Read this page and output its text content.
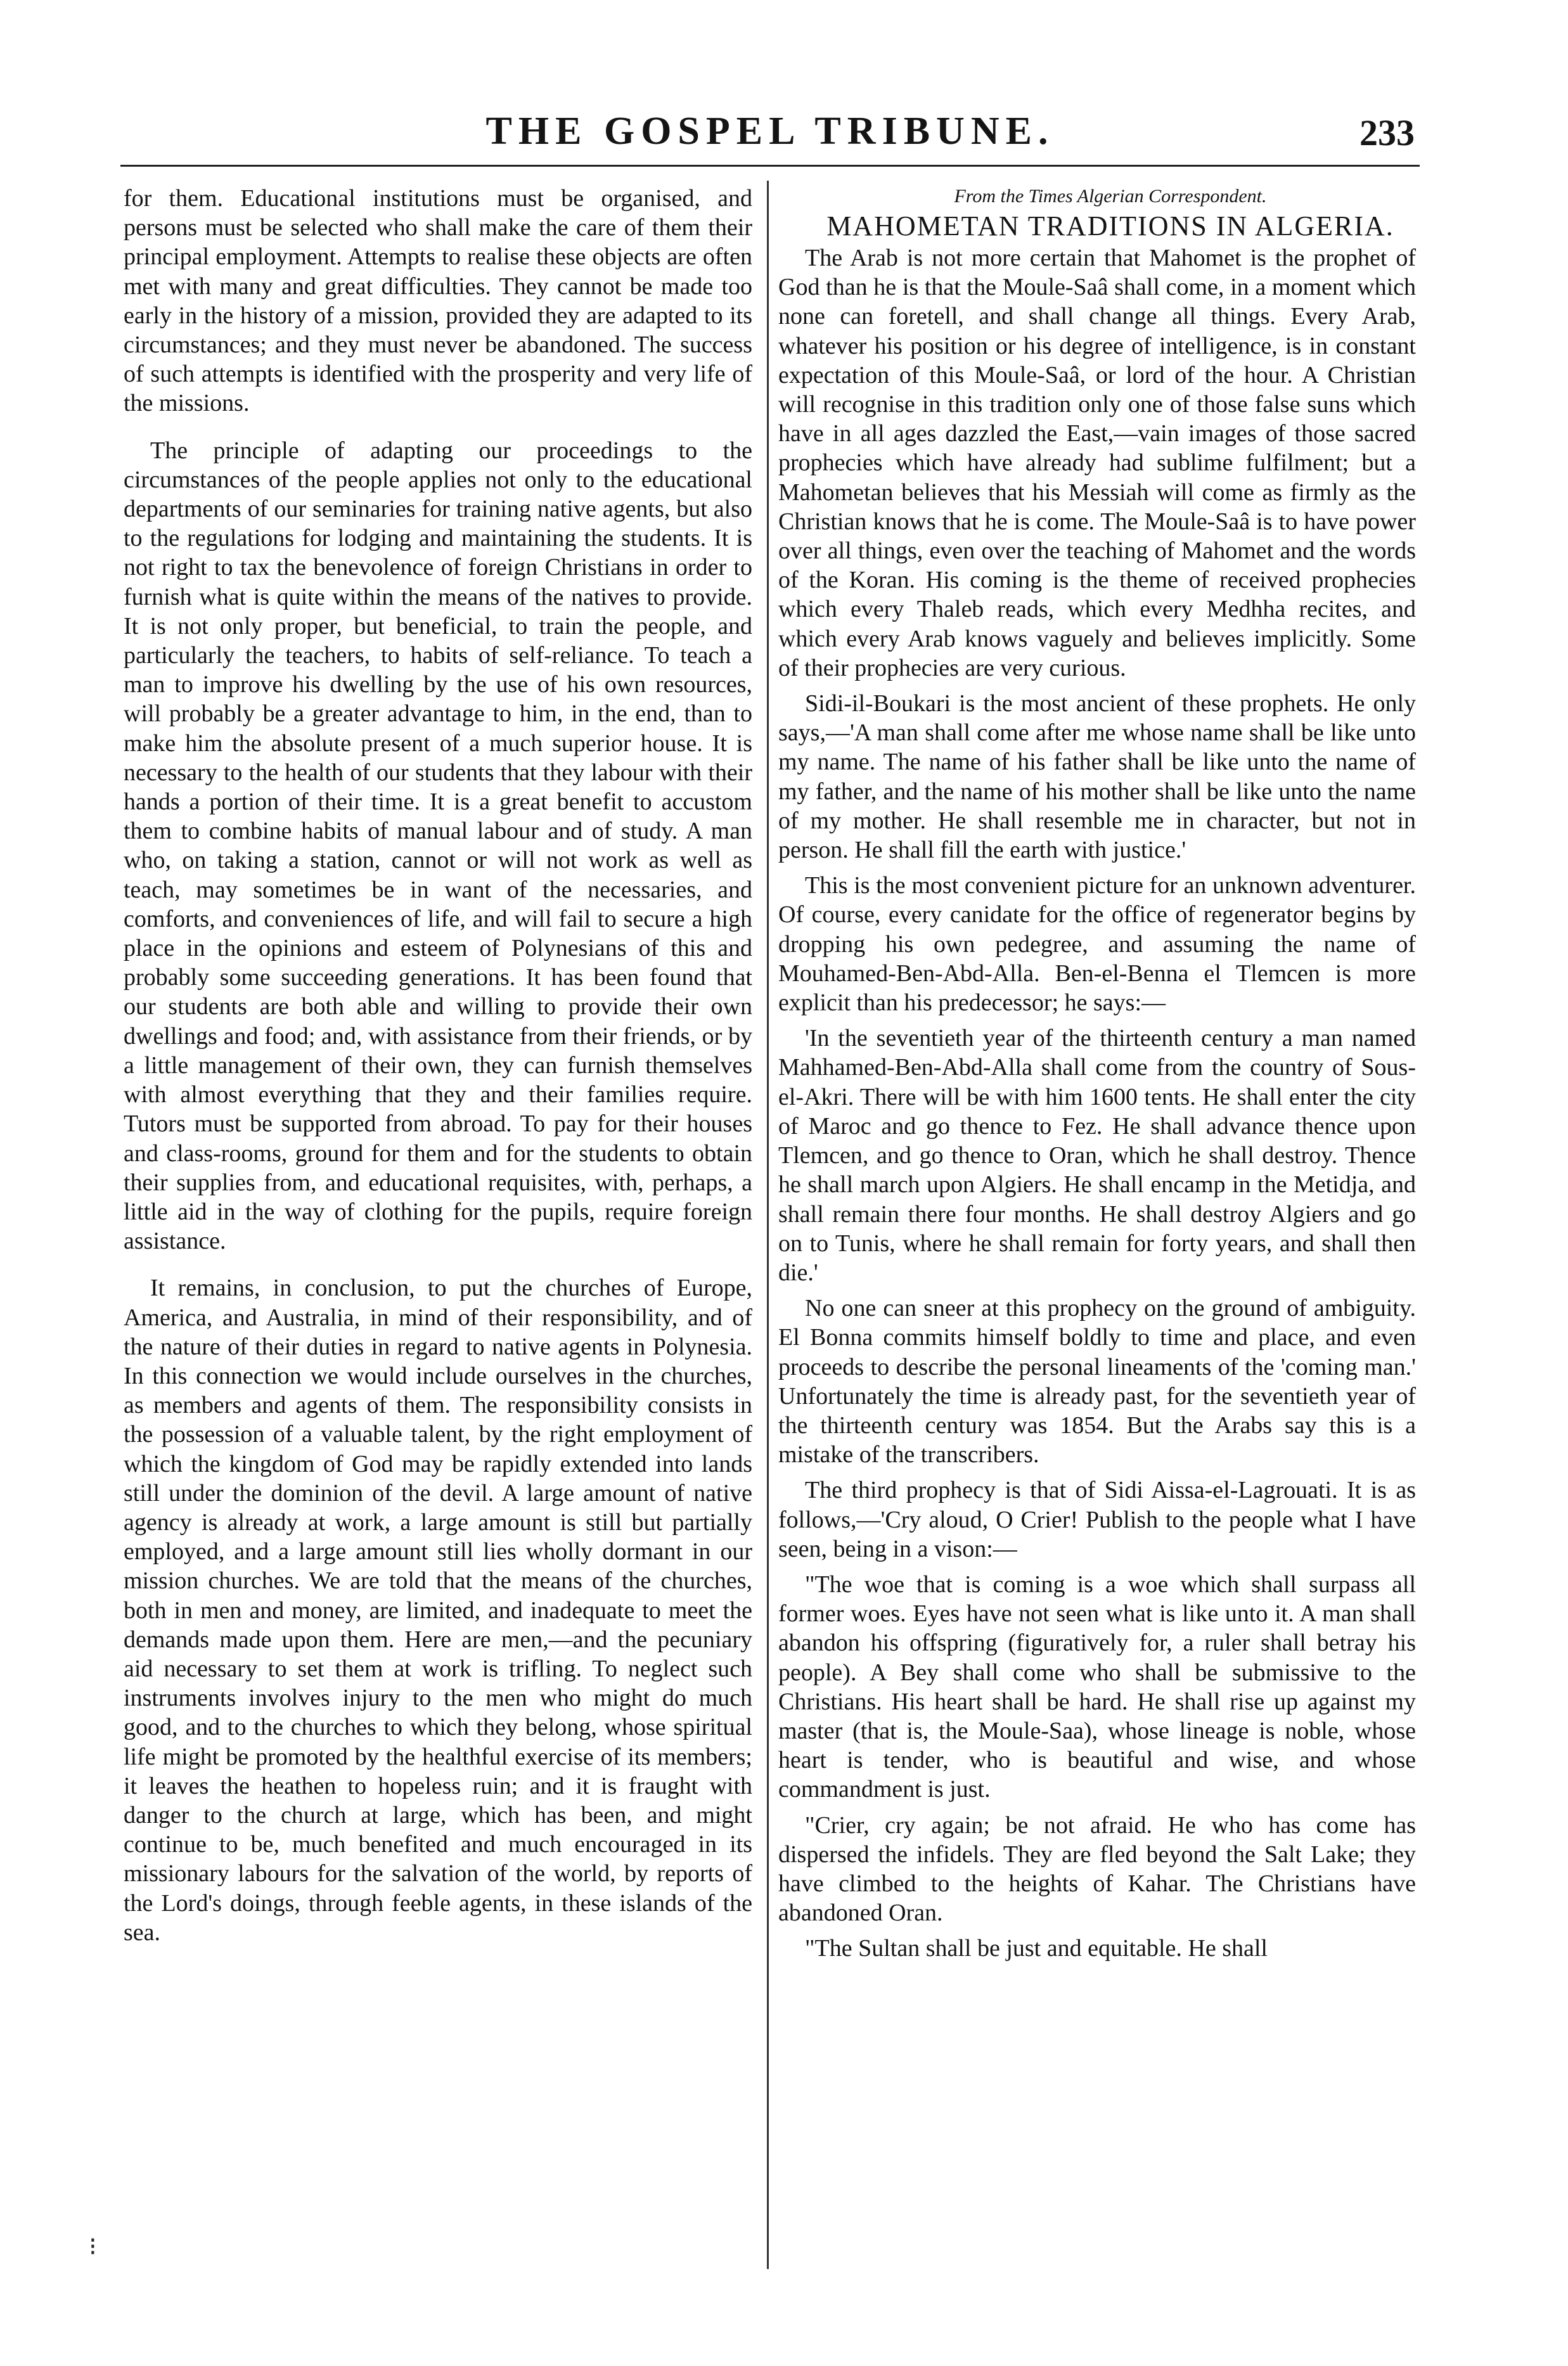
THE GOSPEL TRIBUNE.	233

for them. Educational institutions must be organised, and persons must be selected who shall make the care of them their principal employment. Attempts to realise these objects are often met with many and great difficulties. They cannot be made too early in the history of a mission, provided they are adapted to its circumstances; and they must never be abandoned. The success of such attempts is identified with the prosperity and very life of the missions.

The principle of adapting our proceedings to the circumstances of the people applies not only to the educational departments of our seminaries for training native agents, but also to the regulations for lodging and maintaining the students. It is not right to tax the benevolence of foreign Christians in order to furnish what is quite within the means of the natives to provide. It is not only proper, but beneficial, to train the people, and particularly the teachers, to habits of self-reliance. To teach a man to improve his dwelling by the use of his own resources, will probably be a greater advantage to him, in the end, than to make him the absolute present of a much superior house. It is necessary to the health of our students that they labour with their hands a portion of their time. It is a great benefit to accustom them to combine habits of manual labour and of study. A man who, on taking a station, cannot or will not work as well as teach, may sometimes be in want of the necessaries, and comforts, and conveniences of life, and will fail to secure a high place in the opinions and esteem of Polynesians of this and probably some succeeding generations. It has been found that our students are both able and willing to provide their own dwellings and food; and, with assistance from their friends, or by a little management of their own, they can furnish themselves with almost everything that they and their families require. Tutors must be supported from abroad. To pay for their houses and class-rooms, ground for them and for the students to obtain their supplies from, and educational requisites, with, perhaps, a little aid in the way of clothing for the pupils, require foreign assistance.

It remains, in conclusion, to put the churches of Europe, America, and Australia, in mind of their responsibility, and of the nature of their duties in regard to native agents in Polynesia. In this connection we would include ourselves in the churches, as members and agents of them. The responsibility consists in the possession of a valuable talent, by the right employment of which the kingdom of God may be rapidly extended into lands still under the dominion of the devil. A large amount of native agency is already at work, a large amount is still but partially employed, and a large amount still lies wholly dormant in our mission churches. We are told that the means of the churches, both in men and money, are limited, and inadequate to meet the demands made upon them. Here are men,—and the pecuniary aid necessary to set them at work is trifling. To neglect such instruments involves injury to the men who might do much good, and to the churches to which they belong, whose spiritual life might be promoted by the healthful exercise of its members; it leaves the heathen to hopeless ruin; and it is fraught with danger to the church at large, which has been, and might continue to be, much benefited and much encouraged in its missionary labours for the salvation of the world, by reports of the Lord's doings, through feeble agents, in these islands of the sea.

From the Times Algerian Correspondent.

MAHOMETAN TRADITIONS IN ALGERIA.

The Arab is not more certain that Mahomet is the prophet of God than he is that the Moule-Saâ shall come, in a moment which none can foretell, and shall change all things. Every Arab, whatever his position or his degree of intelligence, is in constant expectation of this Moule-Saâ, or lord of the hour. A Christian will recognise in this tradition only one of those false suns which have in all ages dazzled the East,—vain images of those sacred prophecies which have already had sublime fulfilment; but a Mahometan believes that his Messiah will come as firmly as the Christian knows that he is come. The Moule-Saâ is to have power over all things, even over the teaching of Mahomet and the words of the Koran. His coming is the theme of received prophecies which every Thaleb reads, which every Medhha recites, and which every Arab knows vaguely and believes implicitly. Some of their prophecies are very curious.

Sidi-il-Boukari is the most ancient of these prophets. He only says,—'A man shall come after me whose name shall be like unto my name. The name of his father shall be like unto the name of my father, and the name of his mother shall be like unto the name of my mother. He shall resemble me in character, but not in person. He shall fill the earth with justice.'

This is the most convenient picture for an unknown adventurer. Of course, every canidate for the office of regenerator begins by dropping his own pedegree, and assuming the name of Mouhamed-Ben-Abd-Alla. Ben-el-Benna el Tlemcen is more explicit than his predecessor; he says:—

'In the seventieth year of the thirteenth century a man named Mahhamed-Ben-Abd-Alla shall come from the country of Sous-el-Akri. There will be with him 1600 tents. He shall enter the city of Maroc and go thence to Fez. He shall advance thence upon Tlemcen, and go thence to Oran, which he shall destroy. Thence he shall march upon Algiers. He shall encamp in the Metidja, and shall remain there four months. He shall destroy Algiers and go on to Tunis, where he shall remain for forty years, and shall then die.'

No one can sneer at this prophecy on the ground of ambiguity. El Bonna commits himself boldly to time and place, and even proceeds to describe the personal lineaments of the 'coming man.' Unfortunately the time is already past, for the seventieth year of the thirteenth century was 1854. But the Arabs say this is a mistake of the transcribers.

The third prophecy is that of Sidi Aissa-el-Lagrouati. It is as follows,—'Cry aloud, O Crier! Publish to the people what I have seen, being in a vison:—

"The woe that is coming is a woe which shall surpass all former woes. Eyes have not seen what is like unto it. A man shall abandon his offspring (figuratively for, a ruler shall betray his people). A Bey shall come who shall be submissive to the Christians. His heart shall be hard. He shall rise up against my master (that is, the Moule-Saa), whose lineage is noble, whose heart is tender, who is beautiful and wise, and whose commandment is just.

"Crier, cry again; be not afraid. He who has come has dispersed the infidels. They are fled beyond the Salt Lake; they have climbed to the heights of Kahar. The Christians have abandoned Oran.

"The Sultan shall be just and equitable. He shall

⁝
